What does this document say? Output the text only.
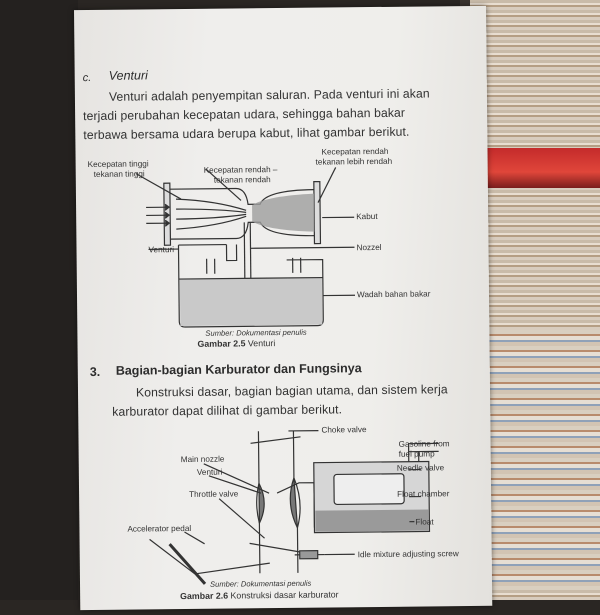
c. Venturi
Venturi adalah penyempitan saluran. Pada venturi ini akan
terjadi perubahan kecepatan udara, sehingga bahan bakar
terbawa bersama udara berupa kabut, lihat gambar berikut.
Kecepatan tinggi
tekanan tinggi	Kecepatan rendah –
tekanan rendah
Kecepatan rendah
tekanan lebih rendah
Kabut
Venturi	Nozzel
Wadah bahan bakar
Sumber: Dokumentasi penulis
Gambar 2.5 Venturi
3. Bagian-bagian Karburator dan Fungsinya
Konstruksi dasar, bagian bagian utama, dan sistem kerja
karburator dapat dilihat di gambar berikut.
Choke valve
Gasoline from
fuel pump
Needle valve
Main nozzle
Venturi
Throttle valve	Float chamber
Accelerator pedal
Float
Idle mixture adjusting screw
Sumber: Dokumentasi penulis
Gambar 2.6 Konstruksi dasar karburator
